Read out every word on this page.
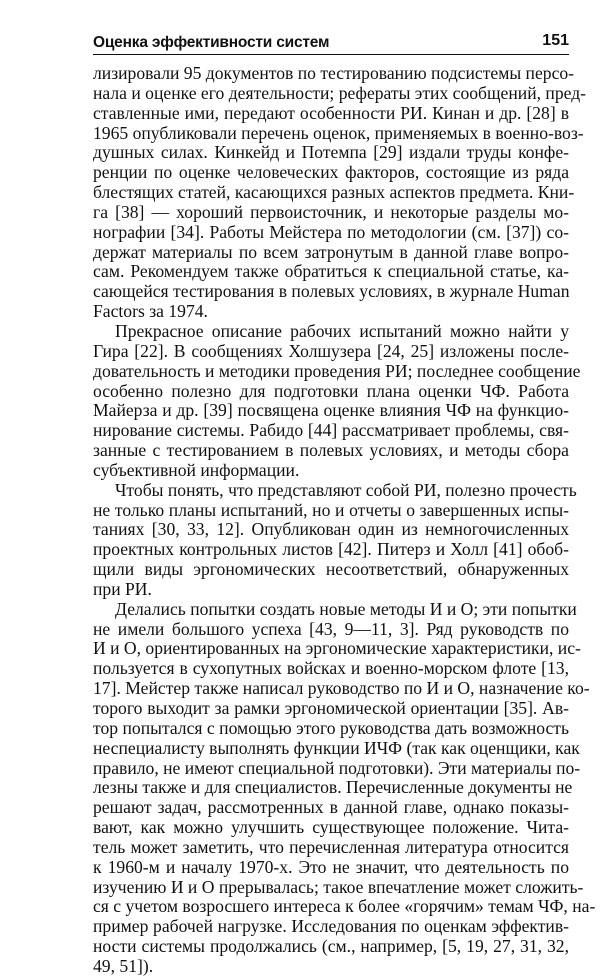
Оценка эффективности систем	151
лизировали 95 документов по тестированию подсистемы персо-
нала и оценке его деятельности; рефераты этих сообщений, пред-
ставленные ими, передают особенности РИ. Кинан и др. [28] в
1965 опубликовали перечень оценок, применяемых в военно-воз-
душных силах. Кинкейд и Потемпа [29] издали труды конфе-
ренции по оценке человеческих факторов, состоящие из ряда
блестящих статей, касающихся разных аспектов предмета. Кни-
га [38] — хороший первоисточник, и некоторые разделы мо-
нографии [34]. Работы Мейстера по методологии (см. [37]) со-
держат материалы по всем затронутым в данной главе вопро-
сам. Рекомендуем также обратиться к специальной статье, ка-
сающейся тестирования в полевых условиях, в журнале Human
Factors за 1974.
Прекрасное описание рабочих испытаний можно найти у
Гира [22]. В сообщениях Холшузера [24, 25] изложены после-
довательность и методики проведения РИ; последнее сообщение
особенно полезно для подготовки плана оценки ЧФ. Работа
Майерза и др. [39] посвящена оценке влияния ЧФ на функцио-
нирование системы. Рабидо [44] рассматривает проблемы, свя-
занные с тестированием в полевых условиях, и методы сбора
субъективной информации.
Чтобы понять, что представляют собой РИ, полезно прочесть
не только планы испытаний, но и отчеты о завершенных испы-
таниях [30, 33, 12]. Опубликован один из немногочисленных
проектных контрольных листов [42]. Питерз и Холл [41] обоб-
щили виды эргономических несоответствий, обнаруженных
при РИ.
Делались попытки создать новые методы И и О; эти попытки
не имели большого успеха [43, 9—11, 3]. Ряд руководств по
И и О, ориентированных на эргономические характеристики, ис-
пользуется в сухопутных войсках и военно-морском флоте [13,
17]. Мейстер также написал руководство по И и О, назначение ко-
торого выходит за рамки эргономической ориентации [35]. Ав-
тор попытался с помощью этого руководства дать возможность
неспециалисту выполнять функции ИЧФ (так как оценщики, как
правило, не имеют специальной подготовки). Эти материалы по-
лезны также и для специалистов. Перечисленные документы не
решают задач, рассмотренных в данной главе, однако показы-
вают, как можно улучшить существующее положение. Чита-
тель может заметить, что перечисленная литература относится
к 1960-м и началу 1970-х. Это не значит, что деятельность по
изучению И и О прерывалась; такое впечатление может сложить-
ся с учетом возросшего интереса к более «горячим» темам ЧФ, на-
пример рабочей нагрузке. Исследования по оценкам эффектив-
ности системы продолжались (см., например, [5, 19, 27, 31, 32,
49, 51]).
